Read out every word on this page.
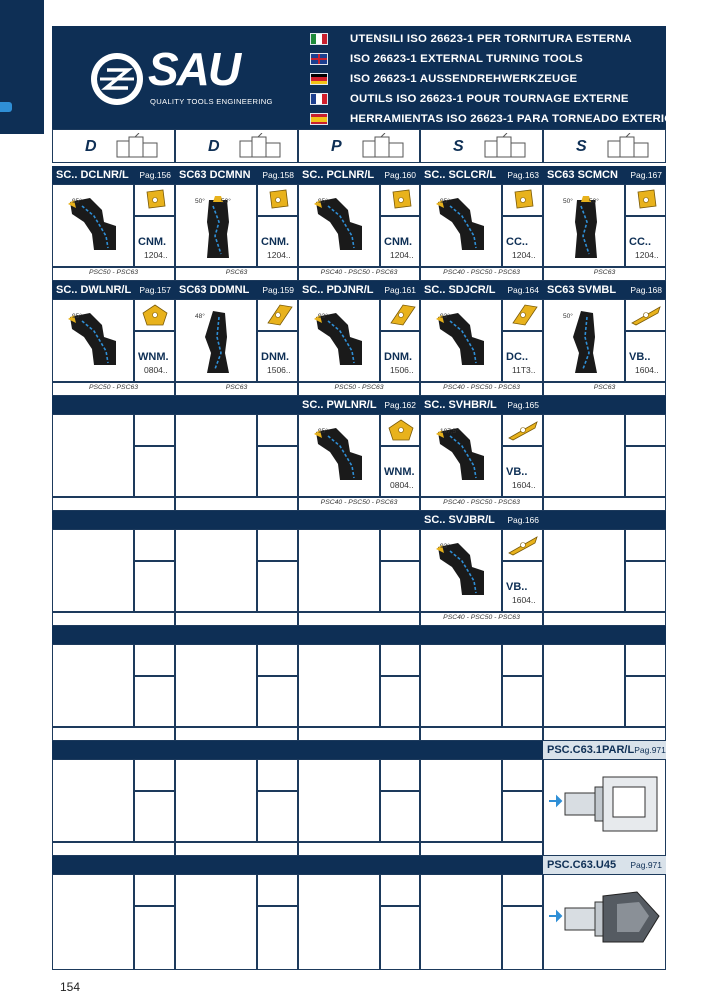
SAU
QUALITY TOOLS ENGINEERING
154
UTENSILI ISO 26623-1 PER TORNITURA ESTERNA
ISO 26623-1 EXTERNAL TURNING TOOLS
ISO 26623-1 AUSSENDREHWERKZEUGE
OUTILS ISO 26623-1 POUR TOURNAGE EXTERNE
HERRAMIENTAS ISO 26623-1 PARA TORNEADO EXTERIOR
D	D	P	S	S
SC.. DCLNR/L Pag.156
95°
CNM.
1204..
PSC50 - PSC63
SC63 DCMNN Pag.158
50° 50°
CNM.
1204..
PSC63
SC.. PCLNR/L Pag.160
95°
CNM.
1204..
PSC40 - PSC50 - PSC63
SC.. SCLCR/L Pag.163
95°
CC..
1204..
PSC40 - PSC50 - PSC63
SC63 SCMCN Pag.167
50° 50°
CC..
1204..
PSC63
SC.. DWLNR/L Pag.157
95°
WNM.
0804..
PSC50 - PSC63
SC63 DDMNL Pag.159
48°
DNM.
1506..
PSC63
SC.. PDJNR/L Pag.161
93°
DNM.
1506..
PSC50 - PSC63
SC.. SDJCR/L Pag.164
93°
DC..
11T3..
PSC40 - PSC50 - PSC63
SC63 SVMBL Pag.168
50°
VB..
1604..
PSC63
SC.. PWLNR/L Pag.162
95°
WNM.
0804..
PSC40 - PSC50 - PSC63
SC.. SVHBR/L Pag.165
107,5°
VB..
1604..
PSC40 - PSC50 - PSC63
SC.. SVJBR/L Pag.166
93°
VB..
1604..
PSC40 - PSC50 - PSC63
PSC.C63.1PAR/L Pag.971
PSC.C63.U45 Pag.971
